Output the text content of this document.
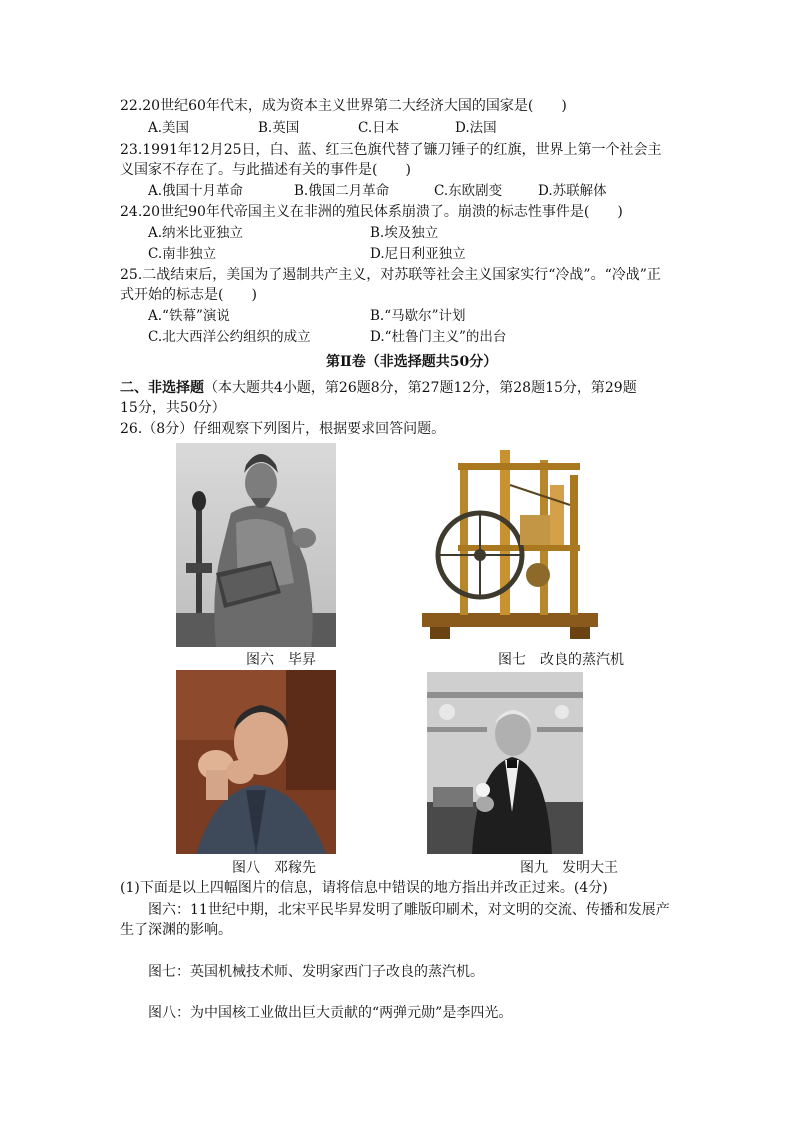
22.20世纪60年代末，成为资本主义世界第二大经济大国的国家是(　　)
A.美国	B.英国	C.日本	D.法国
23.1991年12月25日，白、蓝、红三色旗代替了镰刀锤子的红旗，世界上第一个社会主
义国家不存在了。与此描述有关的事件是(　　)
A.俄国十月革命	B.俄国二月革命	C.东欧剧变	D.苏联解体
24.20世纪90年代帝国主义在非洲的殖民体系崩溃了。崩溃的标志性事件是(　　)
A.纳米比亚独立	B.埃及独立
C.南非独立	D.尼日利亚独立
25.二战结束后，美国为了遏制共产主义，对苏联等社会主义国家实行“冷战”。“冷战”正
式开始的标志是(　　)
A.“铁幕”演说	B.“马歇尔”计划
C.北大西洋公约组织的成立	D.“杜鲁门主义”的出台
第Ⅱ卷（非选择题共50分）
二、非选择题（本大题共4小题，第26题8分，第27题12分，第28题15分，第29题
15分，共50分）
26.（8分）仔细观察下列图片，根据要求回答问题。
图六　毕昇	图七　改良的蒸汽机
图八　邓稼先	图九　发明大王
(1)下面是以上四幅图片的信息，请将信息中错误的地方指出并改正过来。(4分)
图六：11世纪中期，北宋平民毕昇发明了雕版印刷术，对文明的交流、传播和发展产
生了深渊的影响。
图七：英国机械技术师、发明家西门子改良的蒸汽机。
图八：为中国核工业做出巨大贡献的“两弹元勋”是李四光。
